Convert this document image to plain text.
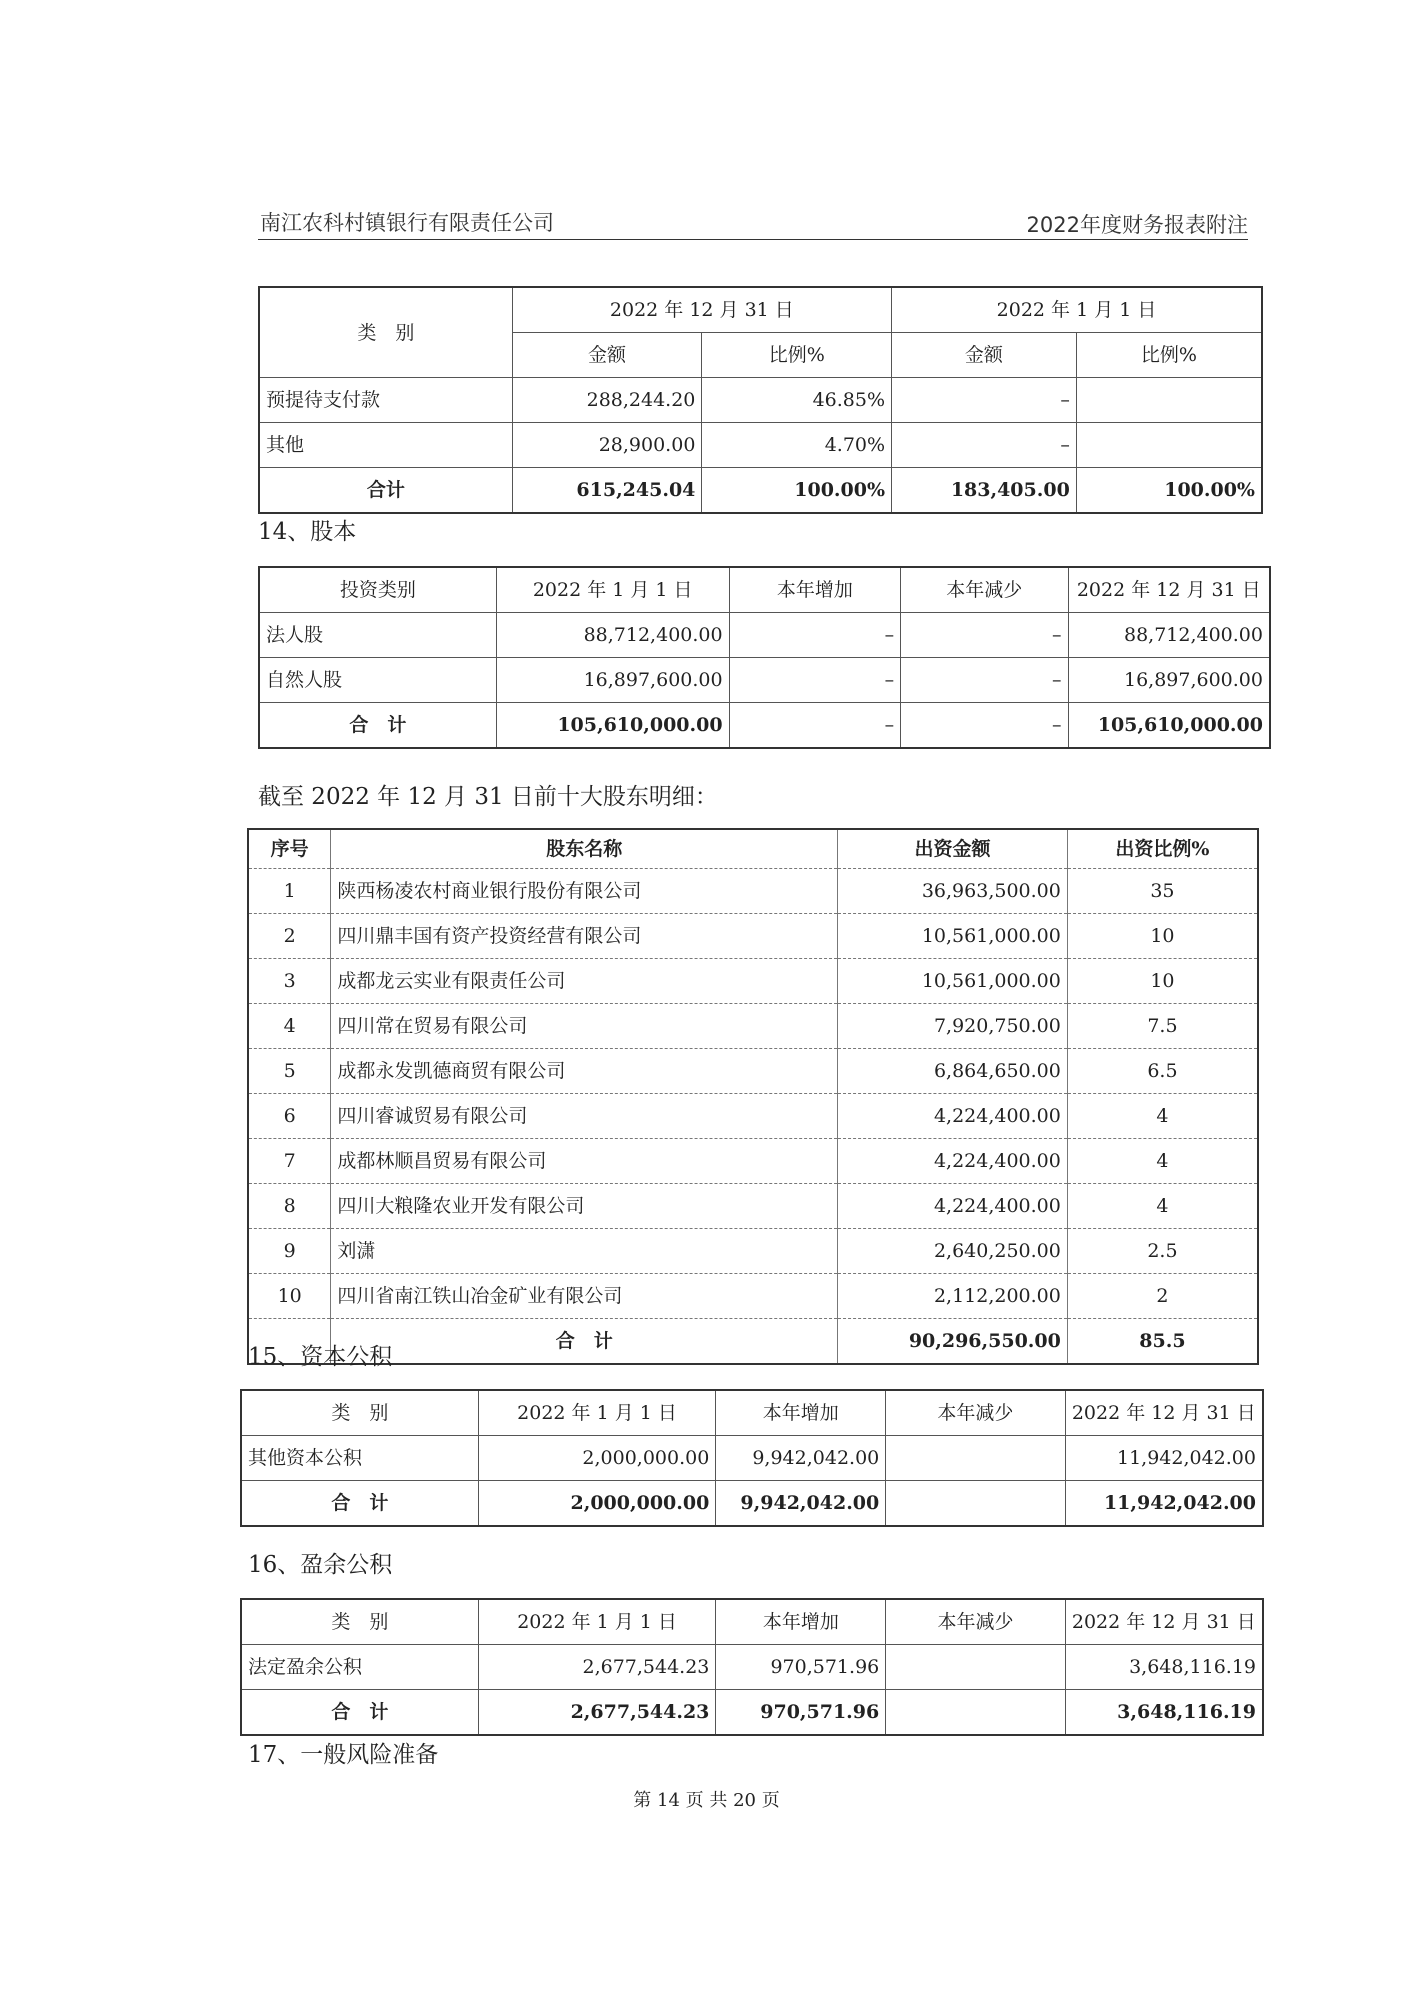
南江农科村镇银行有限责任公司	2022年度财务报表附注
类　别	2022 年 12 月 31 日		2022 年 1 月 1 日	
	金额	比例%	金额	比例%
预提待支付款	288,244.20	46.85%	–	
其他	28,900.00	4.70%	–	
合计	615,245.04	100.00%	183,405.00	100.00%
14、股本
投资类别	2022 年 1 月 1 日	本年增加	本年减少	2022 年 12 月 31 日
法人股	88,712,400.00	–	–	88,712,400.00
自然人股	16,897,600.00	–	–	16,897,600.00
合　计	105,610,000.00	–	–	105,610,000.00
截至 2022 年 12 月 31 日前十大股东明细：
序号	股东名称	出资金额	出资比例%
1	陕西杨凌农村商业银行股份有限公司	36,963,500.00	35
2	四川鼎丰国有资产投资经营有限公司	10,561,000.00	10
3	成都龙云实业有限责任公司	10,561,000.00	10
4	四川常在贸易有限公司	7,920,750.00	7.5
5	成都永发凯德商贸有限公司	6,864,650.00	6.5
6	四川睿诚贸易有限公司	4,224,400.00	4
7	成都林顺昌贸易有限公司	4,224,400.00	4
8	四川大粮隆农业开发有限公司	4,224,400.00	4
9	刘潇	2,640,250.00	2.5
10	四川省南江铁山冶金矿业有限公司	2,112,200.00	2
	合　计	90,296,550.00	85.5
15、资本公积
类　别	2022 年 1 月 1 日	本年增加	本年减少	2022 年 12 月 31 日
其他资本公积	2,000,000.00	9,942,042.00		11,942,042.00
合　计	2,000,000.00	9,942,042.00		11,942,042.00
16、盈余公积
类　别	2022 年 1 月 1 日	本年增加	本年减少	2022 年 12 月 31 日
法定盈余公积	2,677,544.23	970,571.96		3,648,116.19
合　计	2,677,544.23	970,571.96		3,648,116.19
17、一般风险准备
第 14 页 共 20 页
